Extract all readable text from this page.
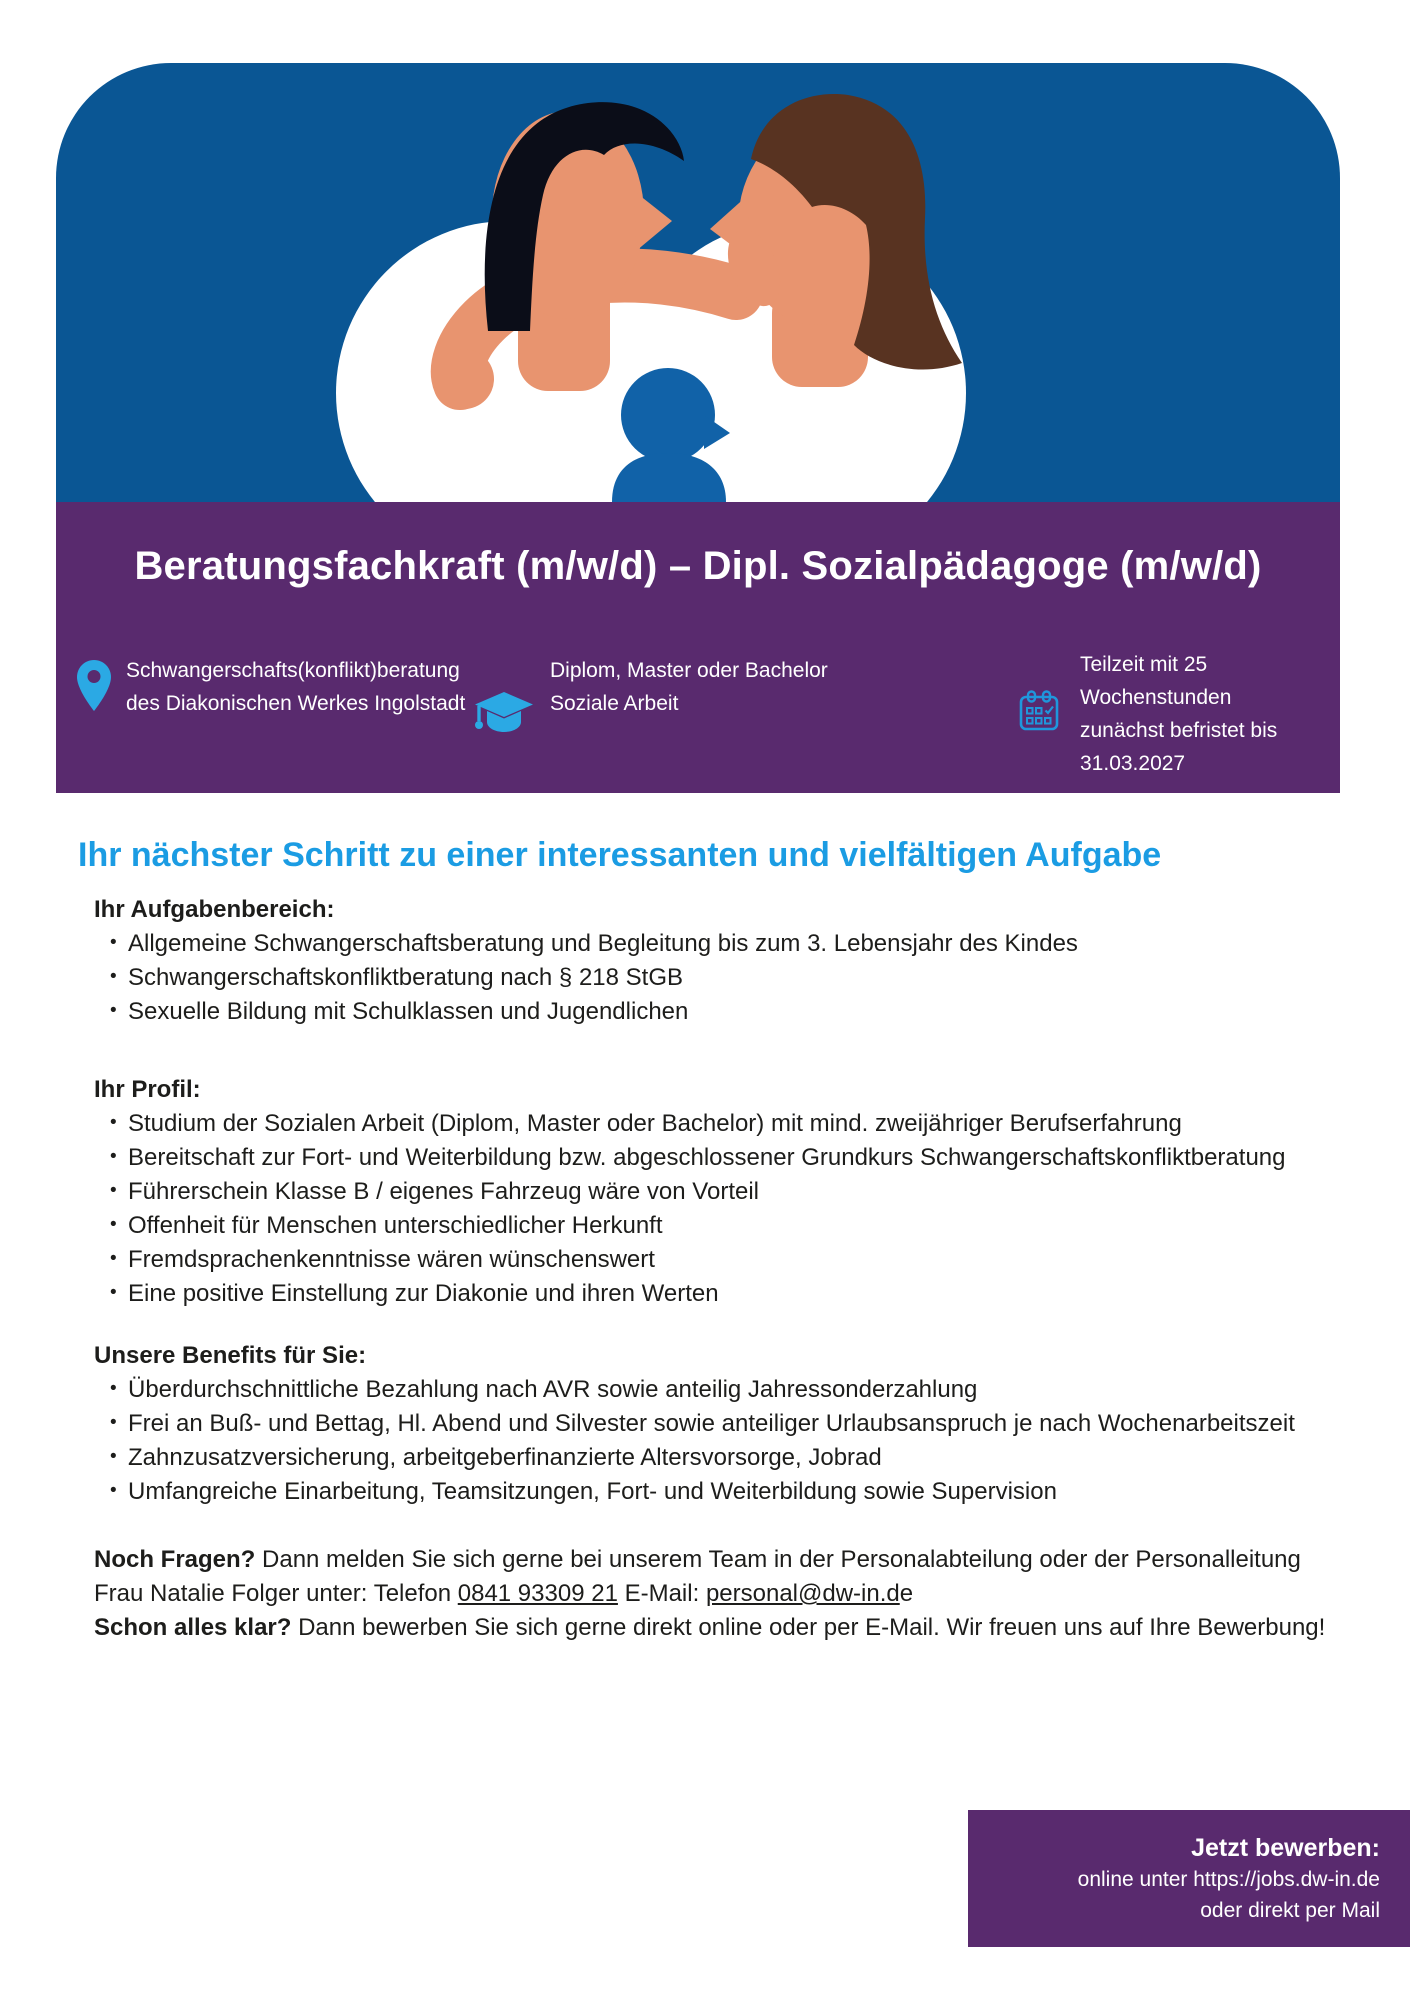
Beratungsfachkraft (m/w/d) – Dipl. Sozialpädagoge (m/w/d)
Schwangerschafts(konflikt)beratung
des Diakonischen Werkes Ingolstadt
Diplom, Master oder Bachelor
Soziale Arbeit
Teilzeit mit 25
Wochenstunden
zunächst befristet bis
31.03.2027
Ihr nächster Schritt zu einer interessanten und vielfältigen Aufgabe
Ihr Aufgabenbereich:
• Allgemeine Schwangerschaftsberatung und Begleitung bis zum 3. Lebensjahr des Kindes
• Schwangerschaftskonfliktberatung nach § 218 StGB
• Sexuelle Bildung mit Schulklassen und Jugendlichen
Ihr Profil:
• Studium der Sozialen Arbeit (Diplom, Master oder Bachelor) mit mind. zweijähriger Berufserfahrung
• Bereitschaft zur Fort- und Weiterbildung bzw. abgeschlossener Grundkurs Schwangerschaftskonfliktberatung
• Führerschein Klasse B / eigenes Fahrzeug wäre von Vorteil
• Offenheit für Menschen unterschiedlicher Herkunft
• Fremdsprachenkenntnisse wären wünschenswert
• Eine positive Einstellung zur Diakonie und ihren Werten
Unsere Benefits für Sie:
• Überdurchschnittliche Bezahlung nach AVR sowie anteilig Jahressonderzahlung
• Frei an Buß- und Bettag, Hl. Abend und Silvester sowie anteiliger Urlaubsanspruch je nach Wochenarbeitszeit
• Zahnzusatzversicherung, arbeitgeberfinanzierte Altersvorsorge, Jobrad
• Umfangreiche Einarbeitung, Teamsitzungen, Fort- und Weiterbildung sowie Supervision

Noch Fragen? Dann melden Sie sich gerne bei unserem Team in der Personalabteilung oder der Personalleitung Frau Natalie Folger unter: Telefon 0841 93309 21 E-Mail: personal@dw-in.de
Schon alles klar? Dann bewerben Sie sich gerne direkt online oder per E-Mail. Wir freuen uns auf Ihre Bewerbung!

Jetzt bewerben:
online unter https://jobs.dw-in.de
oder direkt per Mail
